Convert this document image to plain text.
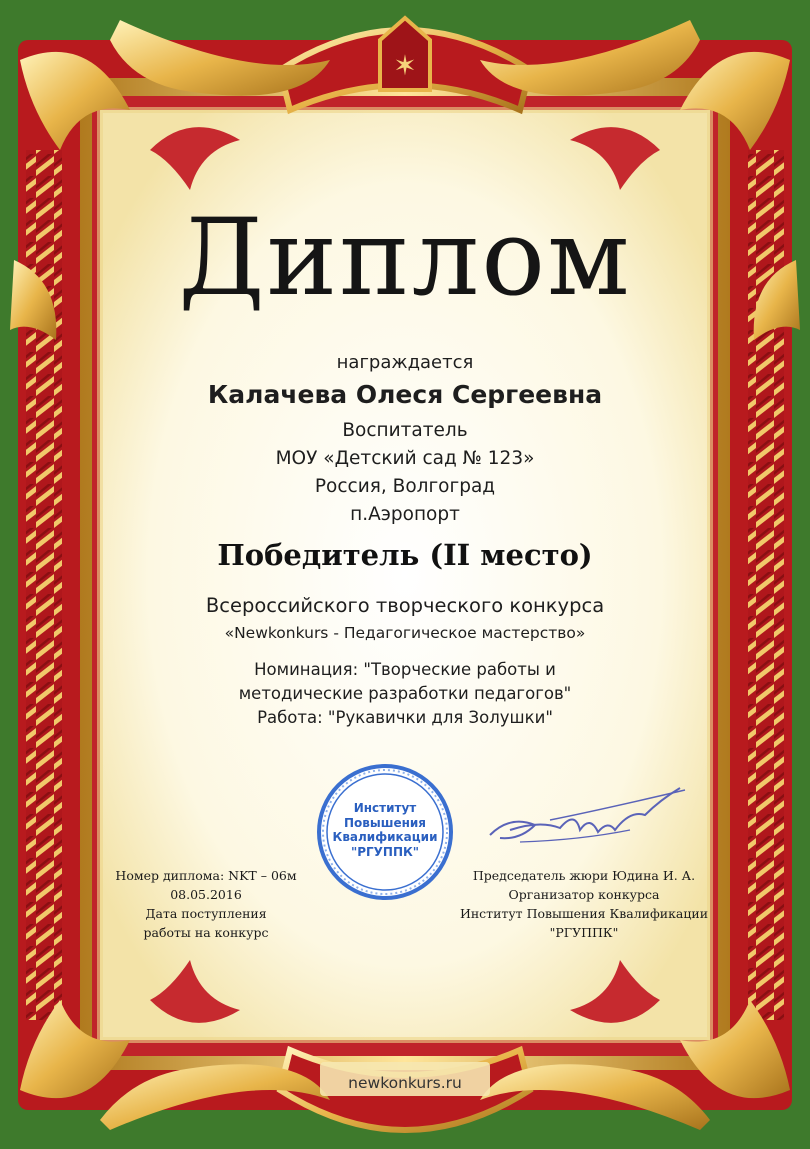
✶
Институт
Повышения
Квалификации
"РГУППК"
Диплом
награждается
Калачева Олеся Сергеевна
Воспитатель
МОУ «Детский сад № 123»
Россия, Волгоград
п.Аэропорт
Победитель (II место)
Всероссийского творческого конкурса
«Newkonkurs - Педагогическое мастерство»
Номинация: "Творческие работы и
методические разработки педагогов"
Работа: "Рукавички для Золушки"
Номер диплома: NKT – 06м
08.05.2016
Дата поступления
работы на конкурс
Председатель жюри Юдина И. А.
Организатор конкурса
Институт Повышения Квалификации
"РГУППК"
newkonkurs.ru
